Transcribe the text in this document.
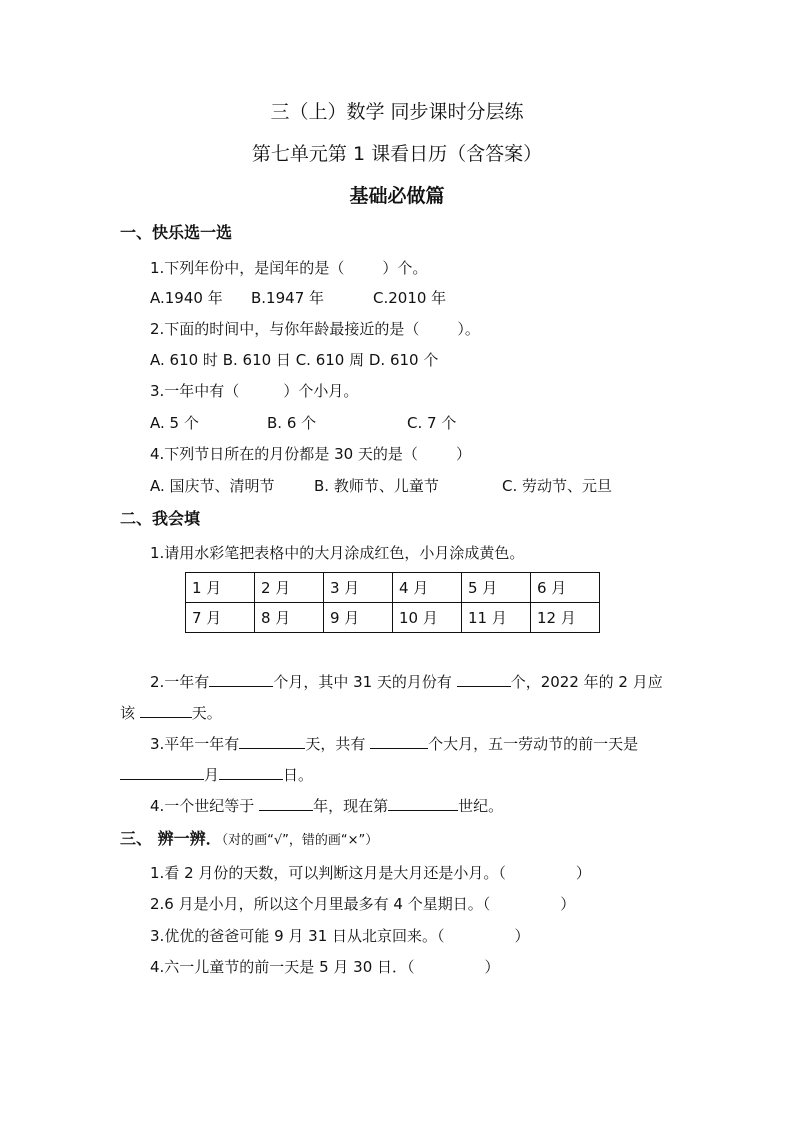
三（上）数学 同步课时分层练
第七单元第 1 课看日历（含答案）
基础必做篇
一、快乐选一选
1.下列年份中，是闰年的是（	）个。
A.1940 年 B.1947 年	C.2010 年
2.下面的时间中，与你年龄最接近的是（	）。
A. 610 时 B. 610 日 C. 610 周 D. 610 个
3.一年中有（	）个小月。
A. 5 个	B. 6 个	C. 7 个
4.下列节日所在的月份都是 30 天的是（	）
A. 国庆节、清明节	B. 教师节、儿童节	C. 劳动节、元旦
二、我会填
1.请用水彩笔把表格中的大月涂成红色，小月涂成黄色。
1 月	2 月	3 月	4 月	5 月	6 月
7 月	8 月	9 月	10 月	11 月	12 月
2.一年有	个月，其中 31 天的月份有	个，2022 年的 2 月应
该	天。
3.平年一年有	天，共有	个大月，五一劳动节的前一天是
月	日。
4.一个世纪等于	年，现在第	世纪。
三、 辨一辨．（对的画“√”，错的画“×”）
1.看 2 月份的天数，可以判断这月是大月还是小月。（	）
2.6 月是小月，所以这个月里最多有 4 个星期日。（	）
3.优优的爸爸可能 9 月 31 日从北京回来。（	）
4.六一儿童节的前一天是 5 月 30 日．（	）
